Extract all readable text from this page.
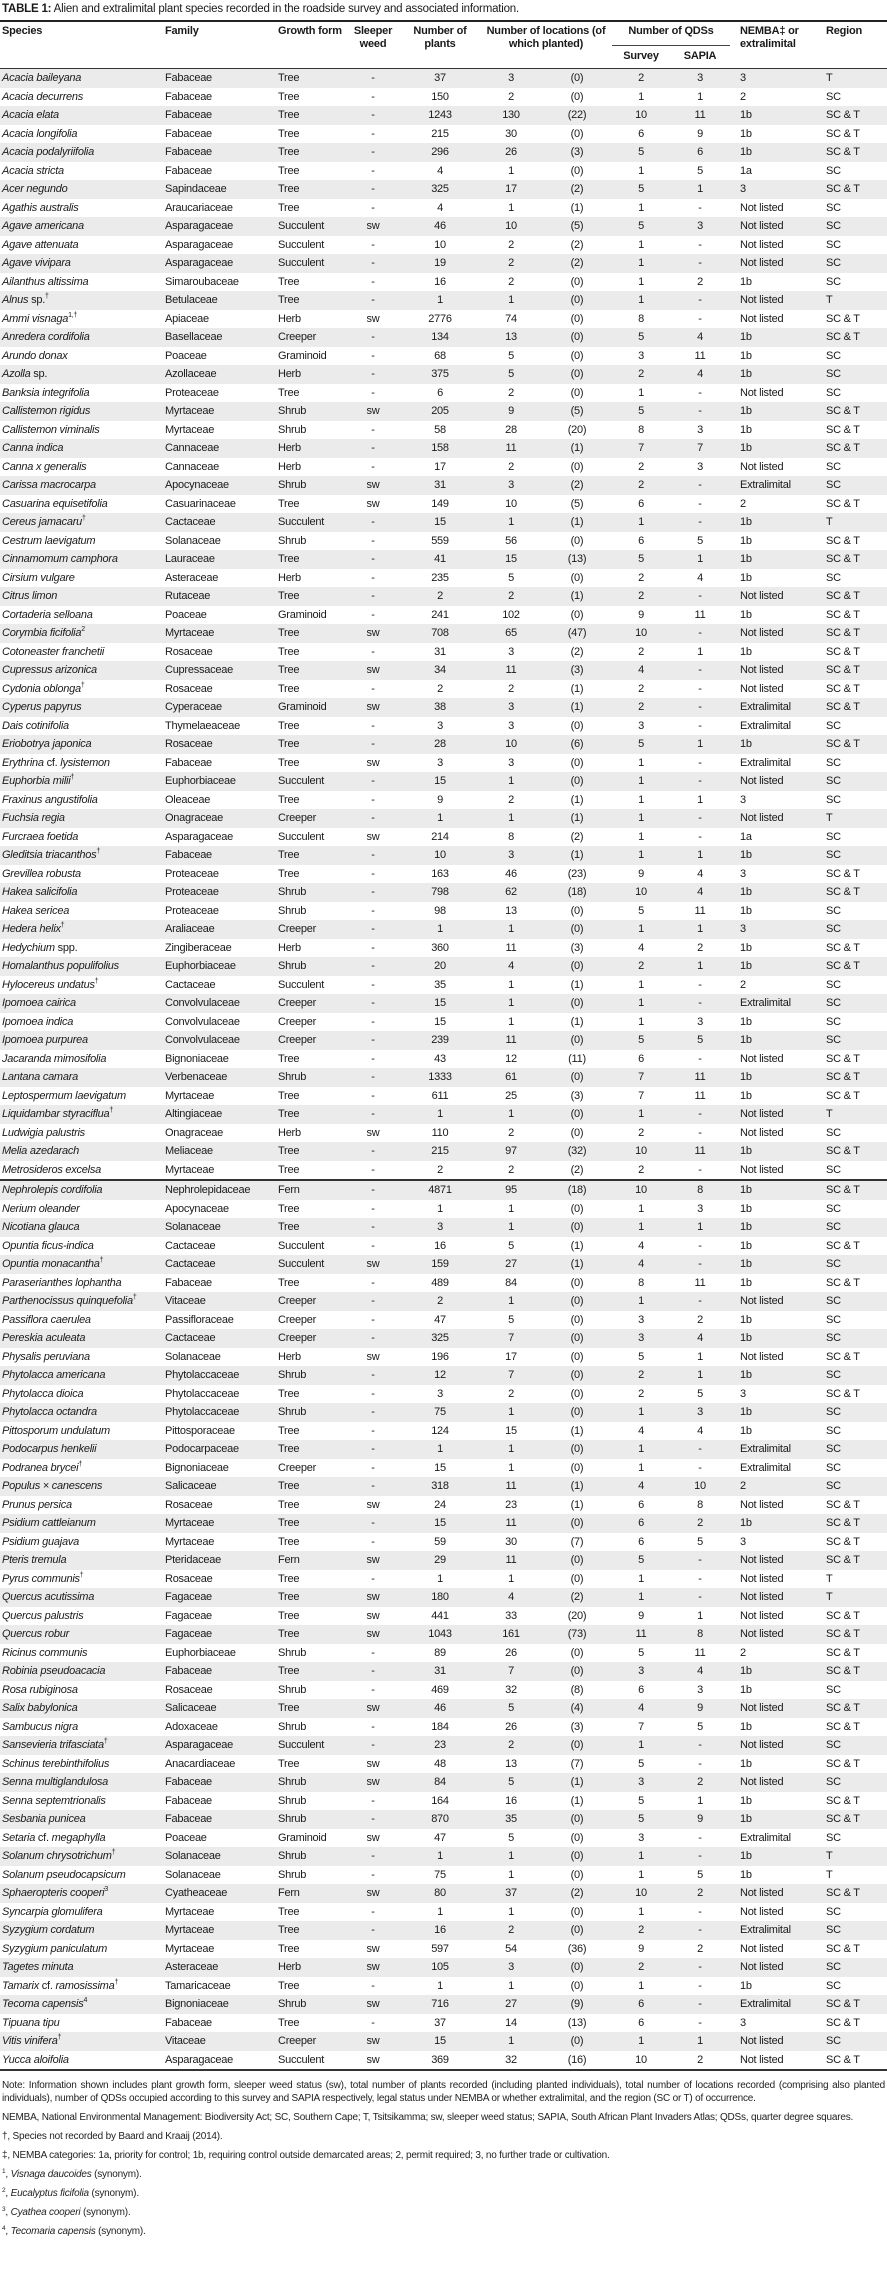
TABLE 1: Alien and extralimital plant species recorded in the roadside survey and associated information.
Species	Family	Growth form	Sleeper weed	Number of plants	Number of locations (of which planted)		Number of QDSs		NEMBA‡ or extralimital	Region
							Survey	SAPIA		
Acacia baileyana	Fabaceae	Tree	-	37	3	(0)	2	3	3	T
Acacia decurrens	Fabaceae	Tree	-	150	2	(0)	1	1	2	SC
Acacia elata	Fabaceae	Tree	-	1243	130	(22)	10	11	1b	SC & T
Acacia longifolia	Fabaceae	Tree	-	215	30	(0)	6	9	1b	SC & T
Acacia podalyriifolia	Fabaceae	Tree	-	296	26	(3)	5	6	1b	SC & T
Acacia stricta	Fabaceae	Tree	-	4	1	(0)	1	5	1a	SC
Acer negundo	Sapindaceae	Tree	-	325	17	(2)	5	1	3	SC & T
Agathis australis	Araucariaceae	Tree	-	4	1	(1)	1	-	Not listed	SC
Agave americana	Asparagaceae	Succulent	sw	46	10	(5)	5	3	Not listed	SC
Agave attenuata	Asparagaceae	Succulent	-	10	2	(2)	1	-	Not listed	SC
Agave vivipara	Asparagaceae	Succulent	-	19	2	(2)	1	-	Not listed	SC
Ailanthus altissima	Simaroubaceae	Tree	-	16	2	(0)	1	2	1b	SC
Alnus sp.†	Betulaceae	Tree	-	1	1	(0)	1	-	Not listed	T
Ammi visnaga$^{1,\dagger}$	Apiaceae	Herb	sw	2776	74	(0)	8	-	Not listed	SC & T
Anredera cordifolia	Basellaceae	Creeper	-	134	13	(0)	5	4	1b	SC & T
Arundo donax	Poaceae	Graminoid	-	68	5	(0)	3	11	1b	SC
Azolla sp.	Azollaceae	Herb	-	375	5	(0)	2	4	1b	SC
Banksia integrifolia	Proteaceae	Tree	-	6	2	(0)	1	-	Not listed	SC
Callistemon rigidus	Myrtaceae	Shrub	sw	205	9	(5)	5	-	1b	SC & T
Callistemon viminalis	Myrtaceae	Shrub	-	58	28	(20)	8	3	1b	SC & T
Canna indica	Cannaceae	Herb	-	158	11	(1)	7	7	1b	SC & T
Canna x generalis	Cannaceae	Herb	-	17	2	(0)	2	3	Not listed	SC
Carissa macrocarpa	Apocynaceae	Shrub	sw	31	3	(2)	2	-	Extralimital	SC
Casuarina equisetifolia	Casuarinaceae	Tree	sw	149	10	(5)	6	-	2	SC & T
Cereus jamacaru†	Cactaceae	Succulent	-	15	1	(1)	1	-	1b	T
Cestrum laevigatum	Solanaceae	Shrub	-	559	56	(0)	6	5	1b	SC & T
Cinnamomum camphora	Lauraceae	Tree	-	41	15	(13)	5	1	1b	SC & T
Cirsium vulgare	Asteraceae	Herb	-	235	5	(0)	2	4	1b	SC
Citrus limon	Rutaceae	Tree	-	2	2	(1)	2	-	Not listed	SC & T
Cortaderia selloana	Poaceae	Graminoid	-	241	102	(0)	9	11	1b	SC & T
Corymbia ficifolia$^2$	Myrtaceae	Tree	sw	708	65	(47)	10	-	Not listed	SC & T
Cotoneaster franchetii	Rosaceae	Tree	-	31	3	(2)	2	1	1b	SC & T
Cupressus arizonica	Cupressaceae	Tree	sw	34	11	(3)	4	-	Not listed	SC & T
Cydonia oblonga†	Rosaceae	Tree	-	2	2	(1)	2	-	Not listed	SC & T
Cyperus papyrus	Cyperaceae	Graminoid	sw	38	3	(1)	2	-	Extralimital	SC & T
Dais cotinifolia	Thymelaeaceae	Tree	-	3	3	(0)	3	-	Extralimital	SC
Eriobotrya japonica	Rosaceae	Tree	-	28	10	(6)	5	1	1b	SC & T
Erythrina cf. lysistemon	Fabaceae	Tree	sw	3	3	(0)	1	-	Extralimital	SC
Euphorbia milii†	Euphorbiaceae	Succulent	-	15	1	(0)	1	-	Not listed	SC
Fraxinus angustifolia	Oleaceae	Tree	-	9	2	(1)	1	1	3	SC
Fuchsia regia	Onagraceae	Creeper	-	1	1	(1)	1	-	Not listed	T
Furcraea foetida	Asparagaceae	Succulent	sw	214	8	(2)	1	-	1a	SC
Gleditsia triacanthos†	Fabaceae	Tree	-	10	3	(1)	1	1	1b	SC
Grevillea robusta	Proteaceae	Tree	-	163	46	(23)	9	4	3	SC & T
Hakea salicifolia	Proteaceae	Shrub	-	798	62	(18)	10	4	1b	SC & T
Hakea sericea	Proteaceae	Shrub	-	98	13	(0)	5	11	1b	SC
Hedera helix†	Araliaceae	Creeper	-	1	1	(0)	1	1	3	SC
Hedychium spp.	Zingiberaceae	Herb	-	360	11	(3)	4	2	1b	SC & T
Homalanthus populifolius	Euphorbiaceae	Shrub	-	20	4	(0)	2	1	1b	SC & T
Hylocereus undatus†	Cactaceae	Succulent	-	35	1	(1)	1	-	2	SC
Ipomoea cairica	Convolvulaceae	Creeper	-	15	1	(0)	1	-	Extralimital	SC
Ipomoea indica	Convolvulaceae	Creeper	-	15	1	(1)	1	3	1b	SC
Ipomoea purpurea	Convolvulaceae	Creeper	-	239	11	(0)	5	5	1b	SC
Jacaranda mimosifolia	Bignoniaceae	Tree	-	43	12	(11)	6	-	Not listed	SC & T
Lantana camara	Verbenaceae	Shrub	-	1333	61	(0)	7	11	1b	SC & T
Leptospermum laevigatum	Myrtaceae	Tree	-	611	25	(3)	7	11	1b	SC & T
Liquidambar styraciflua†	Altingiaceae	Tree	-	1	1	(0)	1	-	Not listed	T
Ludwigia palustris	Onagraceae	Herb	sw	110	2	(0)	2	-	Not listed	SC
Melia azedarach	Meliaceae	Tree	-	215	97	(32)	10	11	1b	SC & T
Metrosideros excelsa	Myrtaceae	Tree	-	2	2	(2)	2	-	Not listed	SC
Nephrolepis cordifolia	Nephrolepidaceae	Fern	-	4871	95	(18)	10	8	1b	SC & T
Nerium oleander	Apocynaceae	Tree	-	1	1	(0)	1	3	1b	SC
Nicotiana glauca	Solanaceae	Tree	-	3	1	(0)	1	1	1b	SC
Opuntia ficus-indica	Cactaceae	Succulent	-	16	5	(1)	4	-	1b	SC & T
Opuntia monacantha†	Cactaceae	Succulent	sw	159	27	(1)	4	-	1b	SC
Paraserianthes lophantha	Fabaceae	Tree	-	489	84	(0)	8	11	1b	SC & T
Parthenocissus quinquefolia†	Vitaceae	Creeper	-	2	1	(0)	1	-	Not listed	SC
Passiflora caerulea	Passifloraceae	Creeper	-	47	5	(0)	3	2	1b	SC
Pereskia aculeata	Cactaceae	Creeper	-	325	7	(0)	3	4	1b	SC
Physalis peruviana	Solanaceae	Herb	sw	196	17	(0)	5	1	Not listed	SC & T
Phytolacca americana	Phytolaccaceae	Shrub	-	12	7	(0)	2	1	1b	SC
Phytolacca dioica	Phytolaccaceae	Tree	-	3	2	(0)	2	5	3	SC & T
Phytolacca octandra	Phytolaccaceae	Shrub	-	75	1	(0)	1	3	1b	SC
Pittosporum undulatum	Pittosporaceae	Tree	-	124	15	(1)	4	4	1b	SC
Podocarpus henkelii	Podocarpaceae	Tree	-	1	1	(0)	1	-	Extralimital	SC
Podranea brycei†	Bignoniaceae	Creeper	-	15	1	(0)	1	-	Extralimital	SC
Populus × canescens	Salicaceae	Tree	-	318	11	(1)	4	10	2	SC
Prunus persica	Rosaceae	Tree	sw	24	23	(1)	6	8	Not listed	SC & T
Psidium cattleianum	Myrtaceae	Tree	-	15	11	(0)	6	2	1b	SC & T
Psidium guajava	Myrtaceae	Tree	-	59	30	(7)	6	5	3	SC & T
Pteris tremula	Pteridaceae	Fern	sw	29	11	(0)	5	-	Not listed	SC & T
Pyrus communis†	Rosaceae	Tree	-	1	1	(0)	1	-	Not listed	T
Quercus acutissima	Fagaceae	Tree	sw	180	4	(2)	1	-	Not listed	T
Quercus palustris	Fagaceae	Tree	sw	441	33	(20)	9	1	Not listed	SC & T
Quercus robur	Fagaceae	Tree	sw	1043	161	(73)	11	8	Not listed	SC & T
Ricinus communis	Euphorbiaceae	Shrub	-	89	26	(0)	5	11	2	SC & T
Robinia pseudoacacia	Fabaceae	Tree	-	31	7	(0)	3	4	1b	SC & T
Rosa rubiginosa	Rosaceae	Shrub	-	469	32	(8)	6	3	1b	SC
Salix babylonica	Salicaceae	Tree	sw	46	5	(4)	4	9	Not listed	SC & T
Sambucus nigra	Adoxaceae	Shrub	-	184	26	(3)	7	5	1b	SC & T
Sansevieria trifasciata†	Asparagaceae	Succulent	-	23	2	(0)	1	-	Not listed	SC
Schinus terebinthifolius	Anacardiaceae	Tree	sw	48	13	(7)	5	-	1b	SC & T
Senna multiglandulosa	Fabaceae	Shrub	sw	84	5	(1)	3	2	Not listed	SC
Senna septemtrionalis	Fabaceae	Shrub	-	164	16	(1)	5	1	1b	SC & T
Sesbania punicea	Fabaceae	Shrub	-	870	35	(0)	5	9	1b	SC & T
Setaria cf. megaphylla	Poaceae	Graminoid	sw	47	5	(0)	3	-	Extralimital	SC
Solanum chrysotrichum†	Solanaceae	Shrub	-	1	1	(0)	1	-	1b	T
Solanum pseudocapsicum	Solanaceae	Shrub	-	75	1	(0)	1	5	1b	T
Sphaeropteris cooperi$^3$	Cyatheaceae	Fern	sw	80	37	(2)	10	2	Not listed	SC & T
Syncarpia glomulifera	Myrtaceae	Tree	-	1	1	(0)	1	-	Not listed	SC
Syzygium cordatum	Myrtaceae	Tree	-	16	2	(0)	2	-	Extralimital	SC
Syzygium paniculatum	Myrtaceae	Tree	sw	597	54	(36)	9	2	Not listed	SC & T
Tagetes minuta	Asteraceae	Herb	sw	105	3	(0)	2	-	Not listed	SC
Tamarix cf. ramosissima†	Tamaricaceae	Tree	-	1	1	(0)	1	-	1b	SC
Tecoma capensis$^4$	Bignoniaceae	Shrub	sw	716	27	(9)	6	-	Extralimital	SC & T
Tipuana tipu	Fabaceae	Tree	-	37	14	(13)	6	-	3	SC & T
Vitis vinifera†	Vitaceae	Creeper	sw	15	1	(0)	1	1	Not listed	SC
Yucca aloifolia	Asparagaceae	Succulent	sw	369	32	(16)	10	2	Not listed	SC & T

Note: Information shown includes plant growth form, sleeper weed status (sw), total number of plants recorded (including planted individuals), total number of locations recorded (comprising also planted individuals), number of QDSs occupied according to this survey and SAPIA respectively, legal status under NEMBA or whether extralimital, and the region (SC or T) of occurrence.

NEMBA, National Environmental Management: Biodiversity Act; SC, Southern Cape; T, Tsitsikamma; sw, sleeper weed status; SAPIA, South African Plant Invaders Atlas; QDSs, quarter degree squares.

†, Species not recorded by Baard and Kraaij (2014).

‡, NEMBA categories: 1a, priority for control; 1b, requiring control outside demarcated areas; 2, permit required; 3, no further trade or cultivation.

$^1$, Visnaga daucoides (synonym).

$^2$, Eucalyptus ficifolia (synonym).

$^3$, Cyathea cooperi (synonym).

$^4$, Tecomaria capensis (synonym).
